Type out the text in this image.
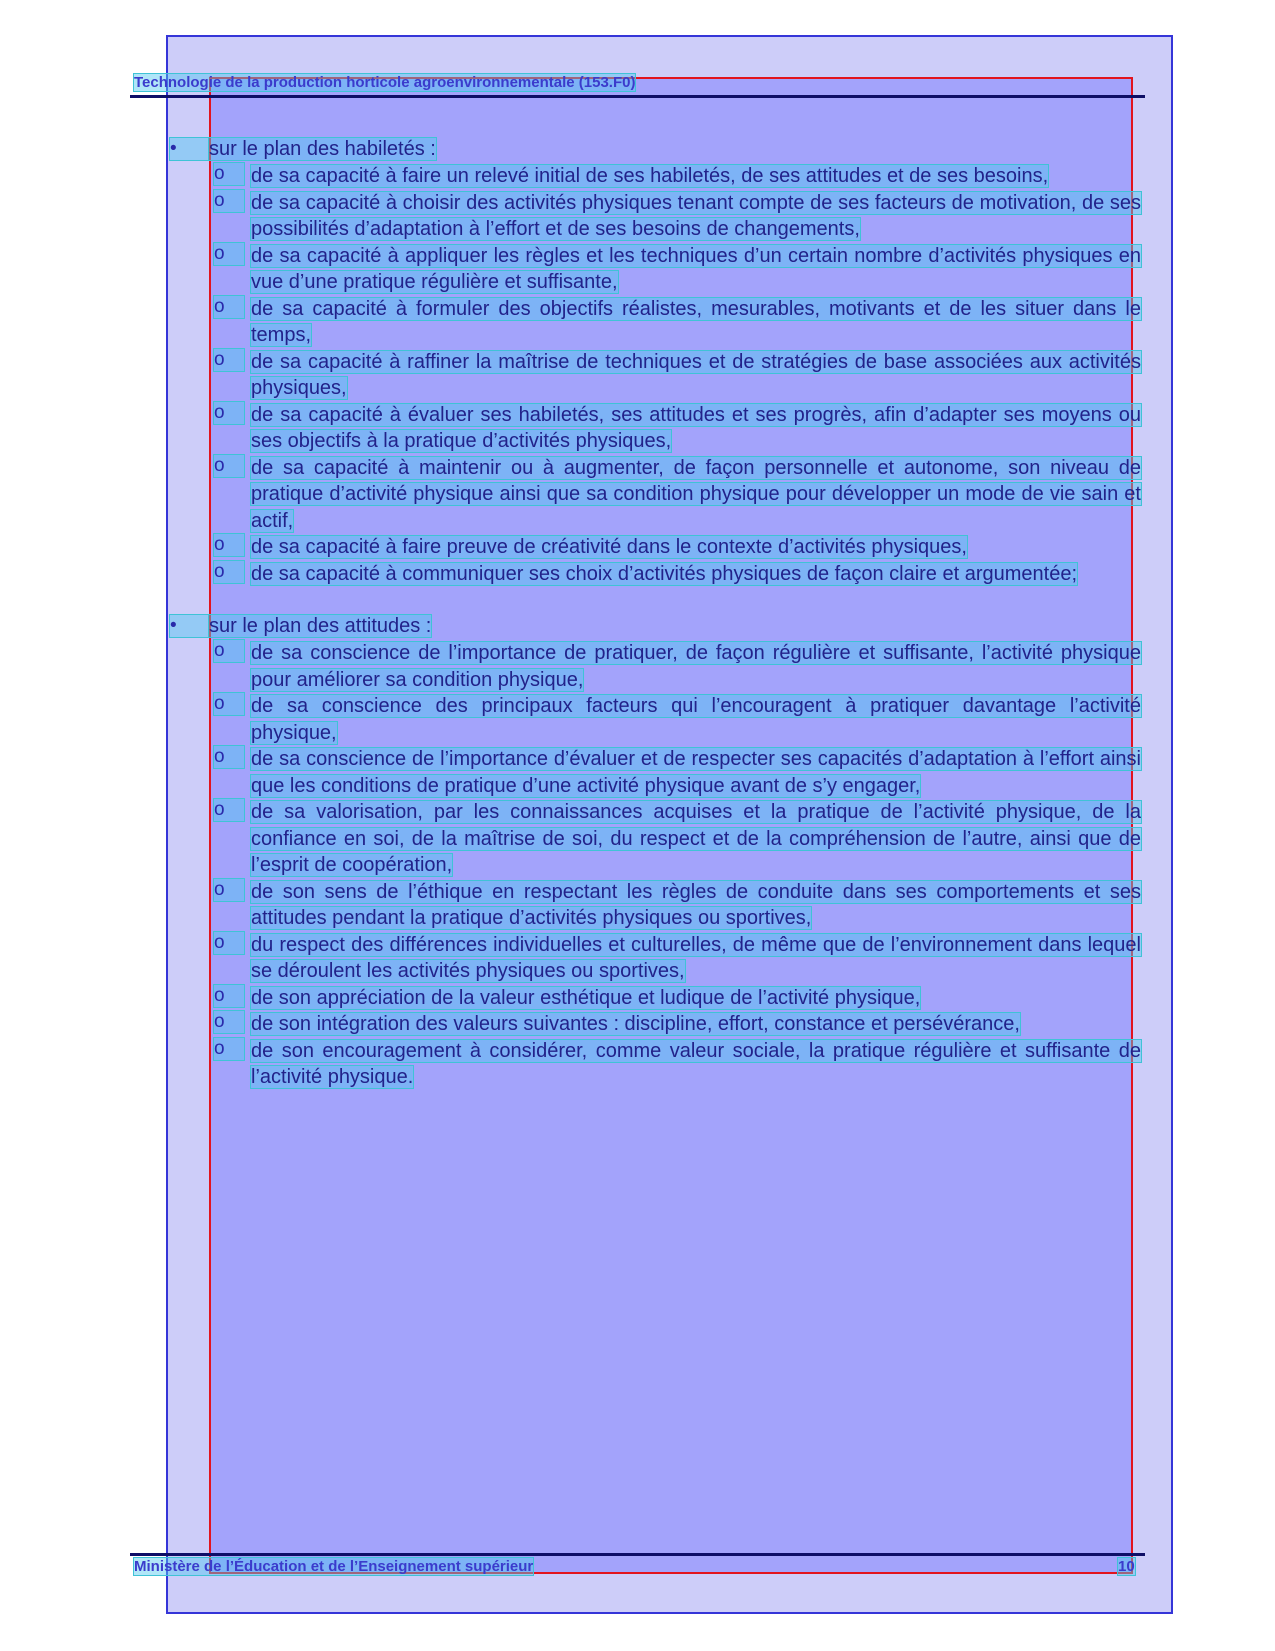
Technologie de la production horticole agroenvironnementale (153.F0)
•	sur le plan des habiletés :
o	de sa capacité à faire un relevé initial de ses habiletés, de ses attitudes et de ses besoins,
o	de sa capacité à choisir des activités physiques tenant compte de ses facteurs de motivation, de ses possibilités d’adaptation à l’effort et de ses besoins de changements,
o	de sa capacité à appliquer les règles et les techniques d’un certain nombre d’activités physiques en vue d’une pratique régulière et suffisante,
o	de sa capacité à formuler des objectifs réalistes, mesurables, motivants et de les situer dans le temps,
o	de sa capacité à raffiner la maîtrise de techniques et de stratégies de base associées aux activités physiques,
o	de sa capacité à évaluer ses habiletés, ses attitudes et ses progrès, afin d’adapter ses moyens ou ses objectifs à la pratique d’activités physiques,
o	de sa capacité à maintenir ou à augmenter, de façon personnelle et autonome, son niveau de pratique d’activité physique ainsi que sa condition physique pour développer un mode de vie sain et actif,
o	de sa capacité à faire preuve de créativité dans le contexte d’activités physiques,
o	de sa capacité à communiquer ses choix d’activités physiques de façon claire et argumentée;
•	sur le plan des attitudes :
o	de sa conscience de l’importance de pratiquer, de façon régulière et suffisante, l’activité physique pour améliorer sa condition physique,
o	de sa conscience des principaux facteurs qui l’encouragent à pratiquer davantage l’activité physique,
o	de sa conscience de l’importance d’évaluer et de respecter ses capacités d’adaptation à l’effort ainsi que les conditions de pratique d’une activité physique avant de s’y engager,
o	de sa valorisation, par les connaissances acquises et la pratique de l’activité physique, de la confiance en soi, de la maîtrise de soi, du respect et de la compréhension de l’autre, ainsi que de l’esprit de coopération,
o	de son sens de l’éthique en respectant les règles de conduite dans ses comportements et ses attitudes pendant la pratique d’activités physiques ou sportives,
o	du respect des différences individuelles et culturelles, de même que de l’environnement dans lequel se déroulent les activités physiques ou sportives,
o	de son appréciation de la valeur esthétique et ludique de l’activité physique,
o	de son intégration des valeurs suivantes : discipline, effort, constance et persévérance,
o	de son encouragement à considérer, comme valeur sociale, la pratique régulière et suffisante de l’activité physique.
Ministère de l’Éducation et de l’Enseignement supérieur	10
